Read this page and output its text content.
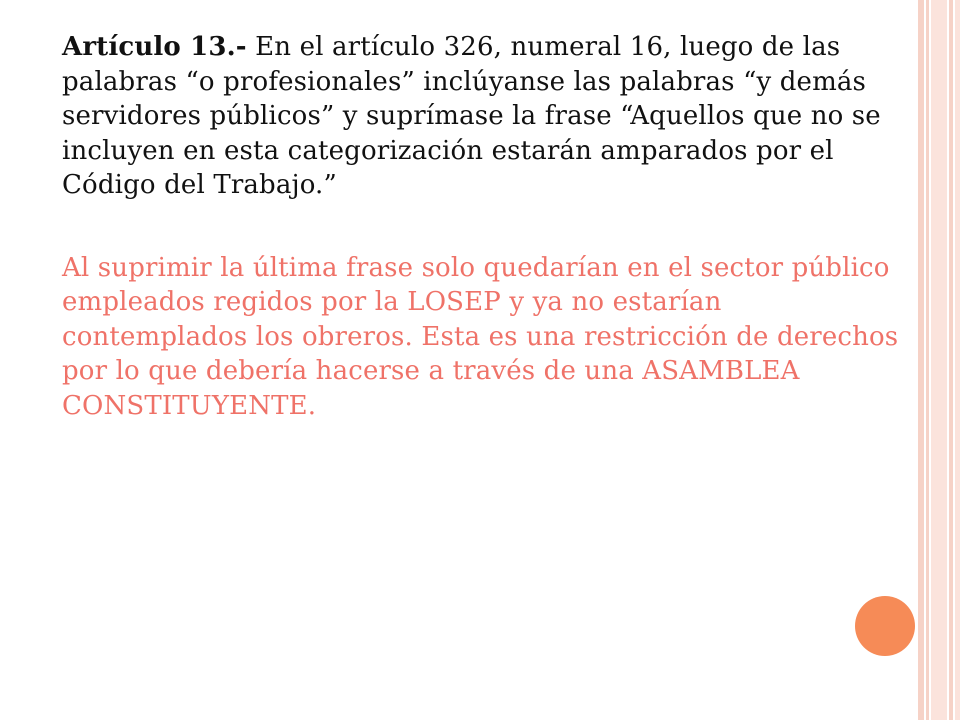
Artículo 13.- En el artículo 326, numeral 16, luego de las palabras “o profesionales” inclúyanse las palabras “y demás servidores públicos” y suprímase la frase “Aquellos que no se incluyen en esta categorización estarán amparados por el Código del Trabajo.”

Al suprimir la última frase solo quedarían en el sector público empleados regidos por la LOSEP y ya no estarían contemplados los obreros. Esta es una restricción de derechos por lo que debería hacerse a través de una ASAMBLEA CONSTITUYENTE.
